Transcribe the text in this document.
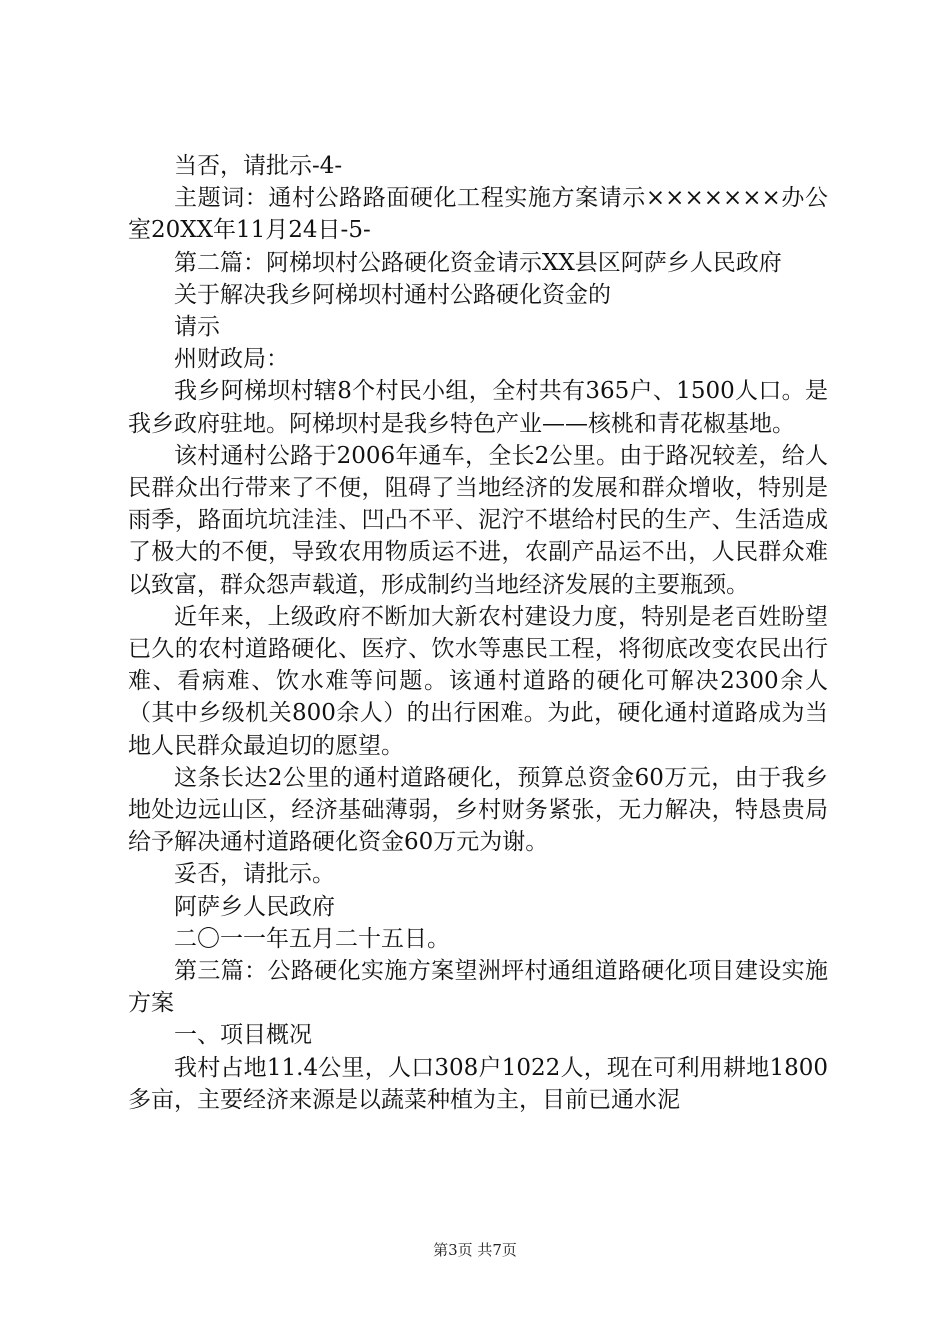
当否，请批示-4-

主题词：通村公路路面硬化工程实施方案请示×××××××办公室20XX年11月24日-5-

第二篇：阿梯坝村公路硬化资金请示XX县区阿萨乡人民政府

关于解决我乡阿梯坝村通村公路硬化资金的

请示

州财政局：

我乡阿梯坝村辖8个村民小组，全村共有365户、1500人口。是我乡政府驻地。阿梯坝村是我乡特色产业——核桃和青花椒基地。

该村通村公路于2006年通车，全长2公里。由于路况较差，给人民群众出行带来了不便，阻碍了当地经济的发展和群众增收，特别是雨季，路面坑坑洼洼、凹凸不平、泥泞不堪给村民的生产、生活造成了极大的不便，导致农用物质运不进，农副产品运不出，人民群众难以致富，群众怨声载道，形成制约当地经济发展的主要瓶颈。

近年来，上级政府不断加大新农村建设力度，特别是老百姓盼望已久的农村道路硬化、医疗、饮水等惠民工程，将彻底改变农民出行难、看病难、饮水难等问题。该通村道路的硬化可解决2300余人（其中乡级机关800余人）的出行困难。为此，硬化通村道路成为当地人民群众最迫切的愿望。

这条长达2公里的通村道路硬化，预算总资金60万元，由于我乡地处边远山区，经济基础薄弱，乡村财务紧张，无力解决，特恳贵局给予解决通村道路硬化资金60万元为谢。

妥否，请批示。

阿萨乡人民政府

二〇一一年五月二十五日。

第三篇：公路硬化实施方案望洲坪村通组道路硬化项目建设实施方案

一、项目概况

我村占地11.4公里，人口308户1022人，现在可利用耕地1800多亩，主要经济来源是以蔬菜种植为主，目前已通水泥

第3页 共7页
